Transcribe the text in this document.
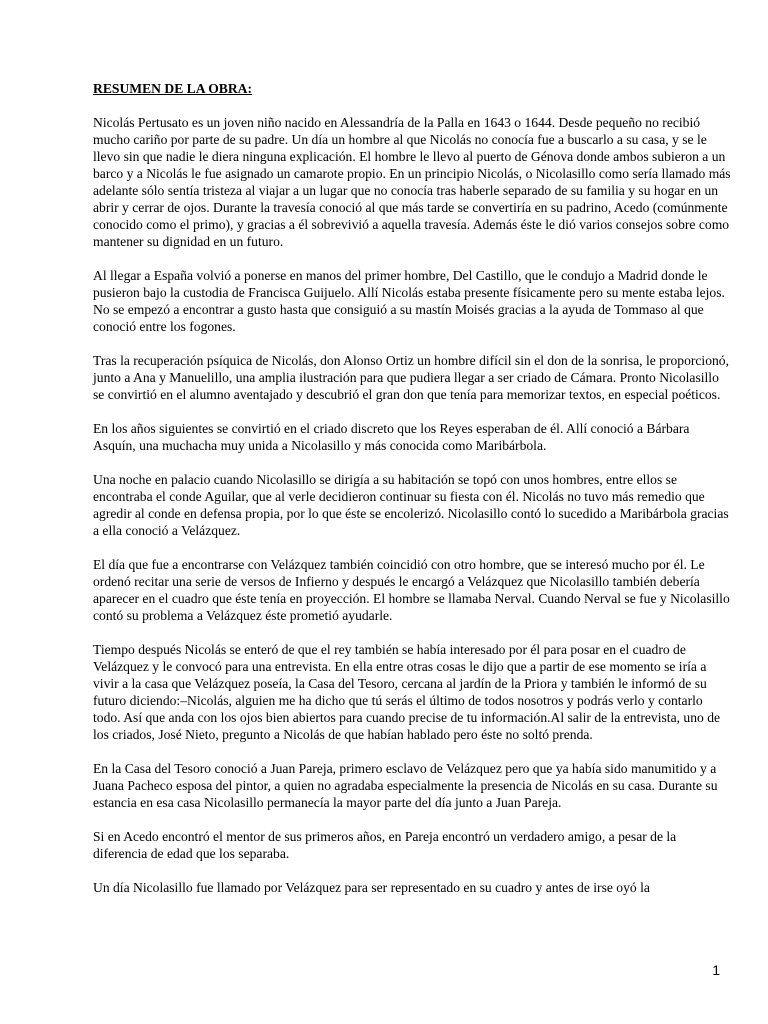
RESUMEN DE LA OBRA:

Nicolás Pertusato es un joven niño nacido en Alessandría de la Palla en 1643 o 1644. Desde pequeño no recibió mucho cariño por parte de su padre. Un día un hombre al que Nicolás no conocía fue a buscarlo a su casa, y se le llevo sin que nadie le diera ninguna explicación. El hombre le llevo al puerto de Génova donde ambos subieron a un barco y a Nicolás le fue asignado un camarote propio. En un principio Nicolás, o Nicolasillo como sería llamado más adelante sólo sentía tristeza al viajar a un lugar que no conocía tras haberle separado de su familia y su hogar en un abrir y cerrar de ojos. Durante la travesía conoció al que más tarde se convertiría en su padrino, Acedo (comúnmente conocido como el primo), y gracias a él sobrevivió a aquella travesía. Además éste le dió varios consejos sobre como mantener su dignidad en un futuro.

Al llegar a España volvió a ponerse en manos del primer hombre, Del Castillo, que le condujo a Madrid donde le pusieron bajo la custodia de Francisca Guijuelo. Allí Nicolás estaba presente físicamente pero su mente estaba lejos. No se empezó a encontrar a gusto hasta que consiguió a su mastín Moisés gracias a la ayuda de Tommaso al que conoció entre los fogones.

Tras la recuperación psíquica de Nicolás, don Alonso Ortiz un hombre difícil sin el don de la sonrisa, le proporcionó, junto a Ana y Manuelillo, una amplia ilustración para que pudiera llegar a ser criado de Cámara. Pronto Nicolasillo se convirtió en el alumno aventajado y descubrió el gran don que tenía para memorizar textos, en especial poéticos.

En los años siguientes se convirtió en el criado discreto que los Reyes esperaban de él. Allí conoció a Bárbara Asquín, una muchacha muy unida a Nicolasillo y más conocida como Maribárbola.

Una noche en palacio cuando Nicolasillo se dirigía a su habitación se topó con unos hombres, entre ellos se encontraba el conde Aguilar, que al verle decidieron continuar su fiesta con él. Nicolás no tuvo más remedio que agredir al conde en defensa propia, por lo que éste se encolerizó. Nicolasillo contó lo sucedido a Maribárbola gracias a ella conoció a Velázquez.

El día que fue a encontrarse con Velázquez también coincidió con otro hombre, que se interesó mucho por él. Le ordenó recitar una serie de versos de Infierno y después le encargó a Velázquez que Nicolasillo también debería aparecer en el cuadro que éste tenía en proyección. El hombre se llamaba Nerval. Cuando Nerval se fue y Nicolasillo contó su problema a Velázquez éste prometió ayudarle.

Tiempo después Nicolás se enteró de que el rey también se había interesado por él para posar en el cuadro de Velázquez y le convocó para una entrevista. En ella entre otras cosas le dijo que a partir de ese momento se iría a vivir a la casa que Velázquez poseía, la Casa del Tesoro, cercana al jardín de la Priora y también le informó de su futuro diciendo:–Nicolás, alguien me ha dicho que tú serás el último de todos nosotros y podrás verlo y contarlo todo. Así que anda con los ojos bien abiertos para cuando precise de tu información.Al salir de la entrevista, uno de los criados, José Nieto, pregunto a Nicolás de que habían hablado pero éste no soltó prenda.

En la Casa del Tesoro conoció a Juan Pareja, primero esclavo de Velázquez pero que ya había sido manumitido y a Juana Pacheco esposa del pintor, a quien no agradaba especialmente la presencia de Nicolás en su casa. Durante su estancia en esa casa Nicolasillo permanecía la mayor parte del día junto a Juan Pareja.

Si en Acedo encontró el mentor de sus primeros años, en Pareja encontró un verdadero amigo, a pesar de la diferencia de edad que los separaba.

Un día Nicolasillo fue llamado por Velázquez para ser representado en su cuadro y antes de irse oyó la

1
